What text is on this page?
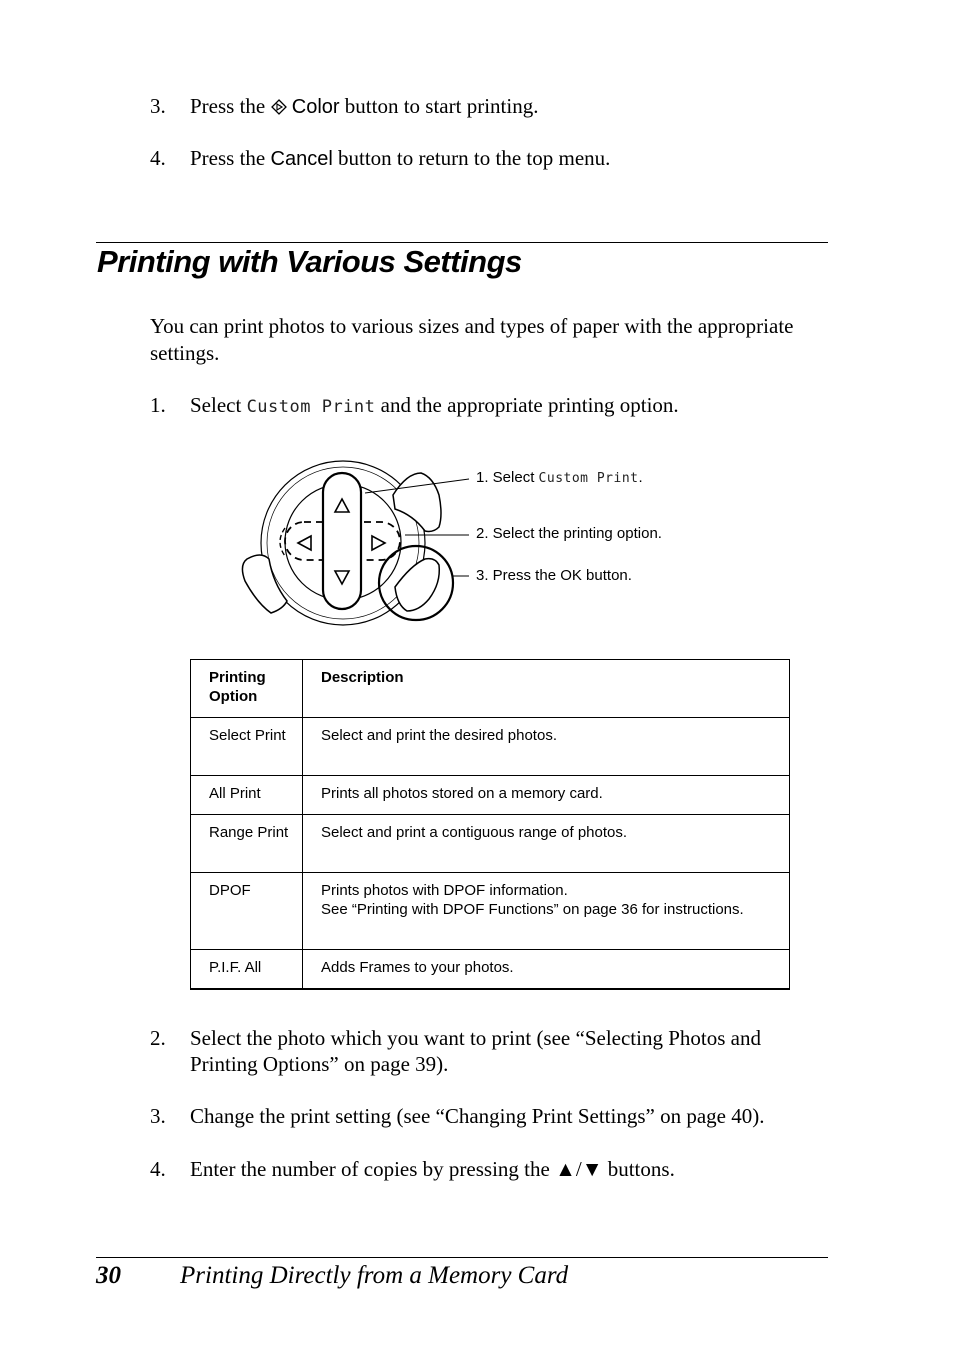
3. Press the Color button to start printing.
4. Press the Cancel button to return to the top menu.
Printing with Various Settings

You can print photos to various sizes and types of paper with the appropriate settings.

1. Select Custom Print and the appropriate printing option.
1. Select Custom Print.
2. Select the printing option.
3. Press the OK button.
Printing Option	Description
Select Print	Select and print the desired photos.
All Print	Prints all photos stored on a memory card.
Range Print	Select and print a contiguous range of photos.
DPOF	Prints photos with DPOF information.
See “Printing with DPOF Functions” on page 36 for instructions.

P.I.F. All	Adds Frames to your photos.
2. Select the photo which you want to print (see “Selecting Photos and Printing Options” on page 39).
3. Change the print setting (see “Changing Print Settings” on page 40).
4. Enter the number of copies by pressing the ▲/▼ buttons.
30 Printing Directly from a Memory Card
